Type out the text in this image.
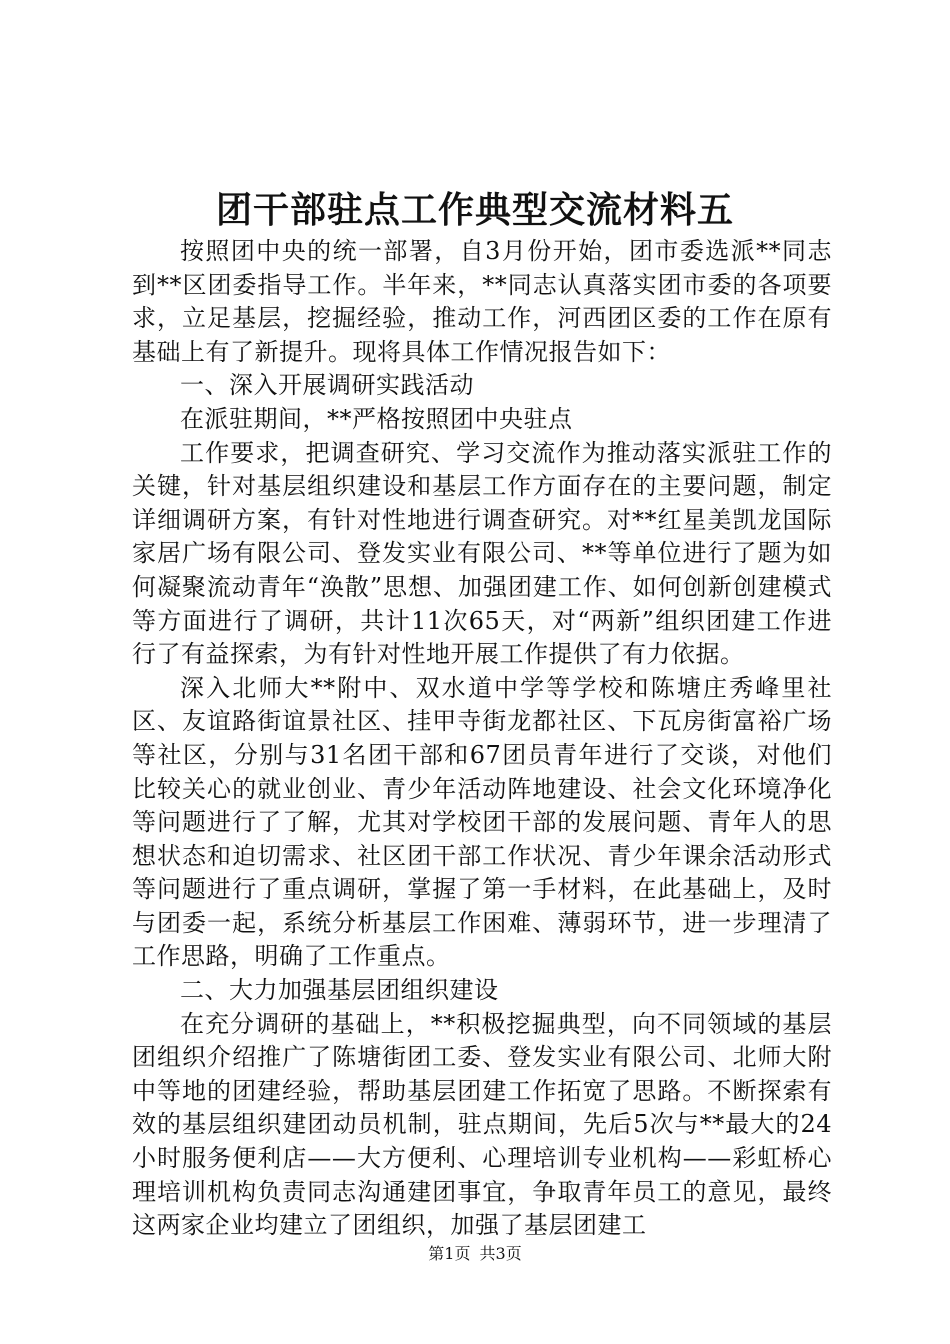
团干部驻点工作典型交流材料五

按照团中央的统一部署，自3月份开始，团市委选派**同志到**区团委指导工作。半年来，**同志认真落实团市委的各项要求，立足基层，挖掘经验，推动工作，河西团区委的工作在原有基础上有了新提升。现将具体工作情况报告如下：

一、深入开展调研实践活动

在派驻期间，**严格按照团中央驻点

工作要求，把调查研究、学习交流作为推动落实派驻工作的关键，针对基层组织建设和基层工作方面存在的主要问题，制定详细调研方案，有针对性地进行调查研究。对**红星美凯龙国际家居广场有限公司、登发实业有限公司、**等单位进行了题为如何凝聚流动青年“涣散”思想、加强团建工作、如何创新创建模式等方面进行了调研，共计11次65天，对“两新”组织团建工作进行了有益探索，为有针对性地开展工作提供了有力依据。

深入北师大**附中、双水道中学等学校和陈塘庄秀峰里社区、友谊路街谊景社区、挂甲寺街龙都社区、下瓦房街富裕广场等社区，分别与31名团干部和67团员青年进行了交谈，对他们比较关心的就业创业、青少年活动阵地建设、社会文化环境净化等问题进行了了解，尤其对学校团干部的发展问题、青年人的思想状态和迫切需求、社区团干部工作状况、青少年课余活动形式等问题进行了重点调研，掌握了第一手材料，在此基础上，及时与团委一起，系统分析基层工作困难、薄弱环节，进一步理清了工作思路，明确了工作重点。

二、大力加强基层团组织建设

在充分调研的基础上，**积极挖掘典型，向不同领域的基层团组织介绍推广了陈塘街团工委、登发实业有限公司、北师大附中等地的团建经验，帮助基层团建工作拓宽了思路。不断探索有效的基层组织建团动员机制，驻点期间，先后5次与**最大的24小时服务便利店——大方便利、心理培训专业机构——彩虹桥心理培训机构负责同志沟通建团事宜，争取青年员工的意见，最终这两家企业均建立了团组织，加强了基层团建工

第1页 共3页
